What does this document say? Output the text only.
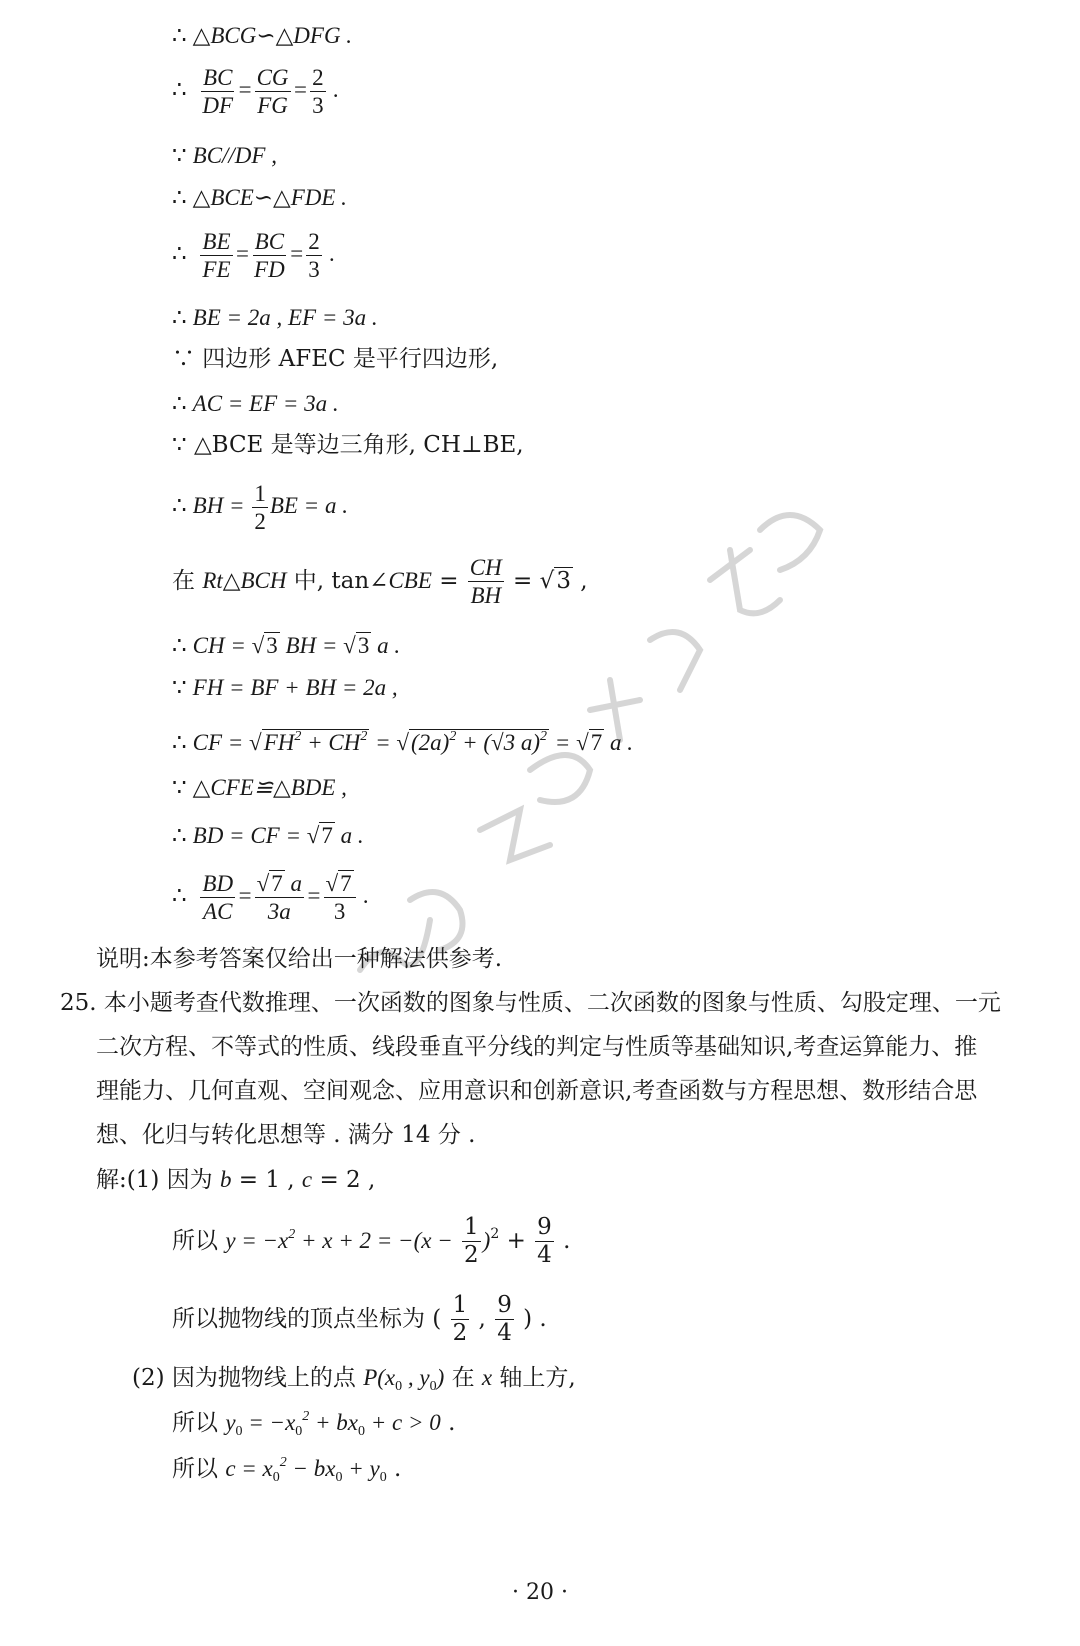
∴ △BCG∽△DFG .
∴ $\frac{BC}{DF} = \frac{CG}{FG} = \frac{2}{3}$ .
∵ BC//DF ,
∴ △BCE∽△FDE .
∴ $\frac{BE}{FE} = \frac{BC}{FD} = \frac{2}{3}$ .
∴ BE = 2a , EF = 3a .
∵ 四边形 AFEC 是平行四边形,
∴ AC = EF = 3a .
∵ △BCE 是等边三角形, CH⊥BE,
∴ BH = $\frac{1}{2}$ BE = a .
在 Rt△BCH 中, tan∠CBE = $\frac{CH}{BH} = √3$ ,
∴ CH = √3 BH = √3 a .
∵ FH = BF + BH = 2a ,
∴ CF = $√FH^2 + CH^2 = √(2a)^2 + (√3$ a)$^2$ = √7 a .
∵ △CFE≌△BDE ,
∴ BD = CF = √7 a .
∴ $\frac{BD}{AC} = \frac{√7 a}{3a} = \frac{√7}{3}$ .
说明:本参考答案仅给出一种解法供参考.
25. 本小题考查代数推理、一次函数的图象与性质、二次函数的图象与性质、勾股定理、一元
二次方程、不等式的性质、线段垂直平分线的判定与性质等基础知识,考查运算能力、推
理能力、几何直观、空间观念、应用意识和创新意识,考查函数与方程思想、数形结合思
想、化归与转化思想等 . 满分 14 分 .
解:(1) 因为 b = 1 , c = 2 ,
所以 $y = -x^2 + x + 2 = -(x - \frac{1}{2} )^2 + \frac{9}{4}$ .
所以抛物线的顶点坐标为 ( $\frac{1}{2}$ , $\frac{9}{4}$ ) .
(2) 因为抛物线上的点 $P(x_0$ , $y_0$) 在 x 轴上方,
所以 $y_0 = -x_0^2 + bx_0 + c > 0$ .
所以 $c = x_0^2 - bx_0 + y_0$ .
· 20 ·
